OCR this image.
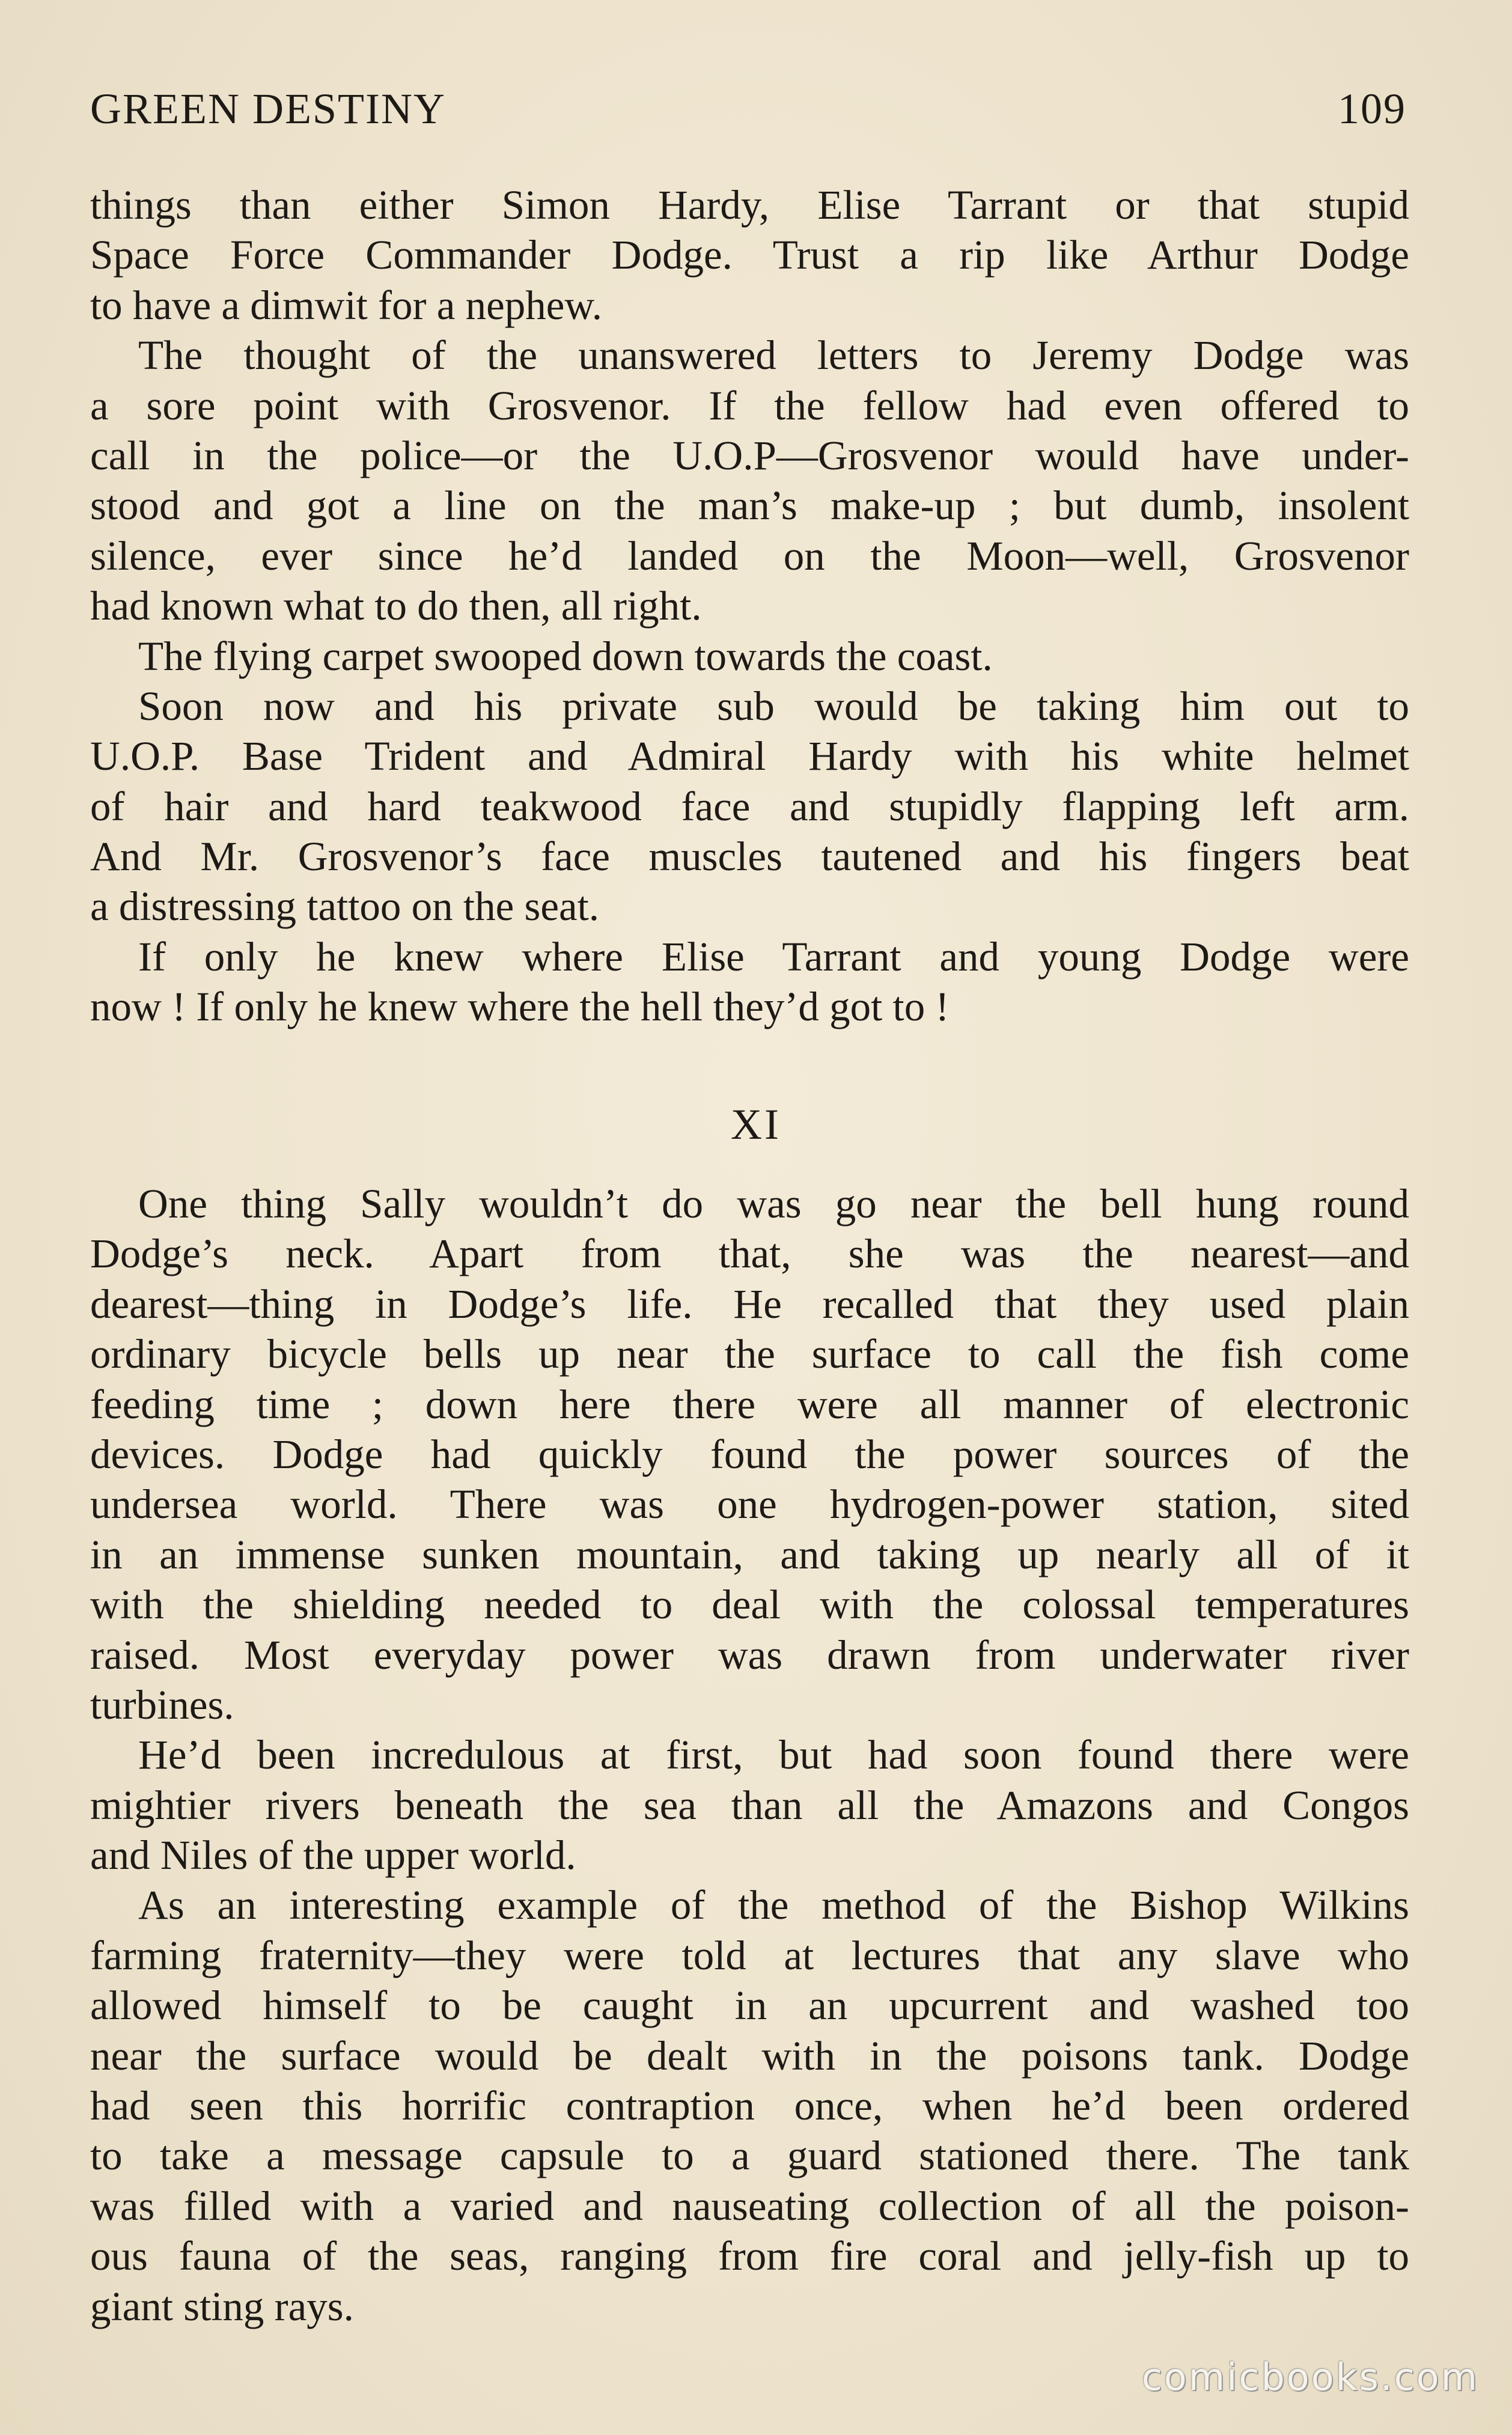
GREEN DESTINY	109
things than either Simon Hardy, Elise Tarrant or that stupid
Space Force Commander Dodge. Trust a rip like Arthur Dodge
to have a dimwit for a nephew.
The thought of the unanswered letters to Jeremy Dodge was
a sore point with Grosvenor. If the fellow had even offered to
call in the police—or the U.O.P—Grosvenor would have under-
stood and got a line on the man’s make-up ; but dumb, insolent
silence, ever since he’d landed on the Moon—well, Grosvenor
had known what to do then, all right.
The flying carpet swooped down towards the coast.
Soon now and his private sub would be taking him out to
U.O.P. Base Trident and Admiral Hardy with his white helmet
of hair and hard teakwood face and stupidly flapping left arm.
And Mr. Grosvenor’s face muscles tautened and his fingers beat
a distressing tattoo on the seat.
If only he knew where Elise Tarrant and young Dodge were
now ! If only he knew where the hell they’d got to !
XI
One thing Sally wouldn’t do was go near the bell hung round
Dodge’s neck. Apart from that, she was the nearest—and
dearest—thing in Dodge’s life. He recalled that they used plain
ordinary bicycle bells up near the surface to call the fish come
feeding time ; down here there were all manner of electronic
devices. Dodge had quickly found the power sources of the
undersea world. There was one hydrogen-power station, sited
in an immense sunken mountain, and taking up nearly all of it
with the shielding needed to deal with the colossal temperatures
raised. Most everyday power was drawn from underwater river
turbines.
He’d been incredulous at first, but had soon found there were
mightier rivers beneath the sea than all the Amazons and Congos
and Niles of the upper world.
As an interesting example of the method of the Bishop Wilkins
farming fraternity—they were told at lectures that any slave who
allowed himself to be caught in an upcurrent and washed too
near the surface would be dealt with in the poisons tank. Dodge
had seen this horrific contraption once, when he’d been ordered
to take a message capsule to a guard stationed there. The tank
was filled with a varied and nauseating collection of all the poison-
ous fauna of the seas, ranging from fire coral and jelly-fish up to
giant sting rays.
comicbooks.com
